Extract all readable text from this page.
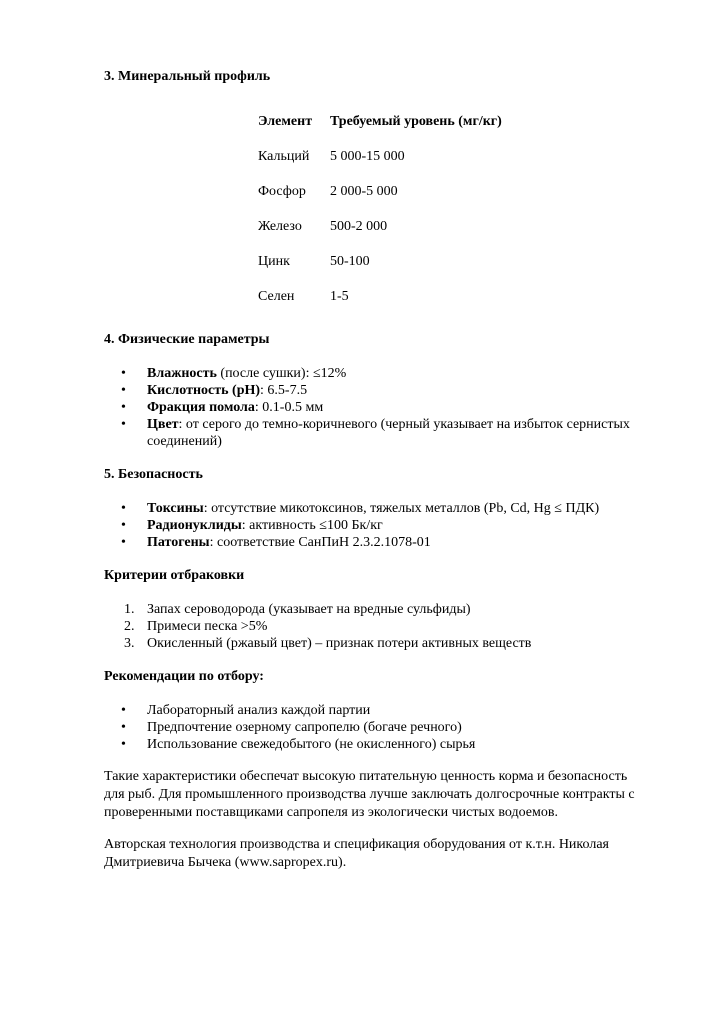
3. Минеральный профиль
Элемент Требуемый уровень (мг/кг)
Кальций 5 000-15 000
Фосфор 2 000-5 000
Железо 500-2 000
Цинк	50-100
Селен	1-5
4. Физические параметры
• Влажность (после сушки): ≤12%
• Кислотность (pH): 6.5-7.5
• Фракция помола: 0.1-0.5 мм
• Цвет: от серого до темно-коричневого (черный указывает на избыток сернистых соединений)
5. Безопасность
• Токсины: отсутствие микотоксинов, тяжелых металлов (Pb, Cd, Hg ≤ ПДК)
• Радионуклиды: активность ≤100 Бк/кг
• Патогены: соответствие СанПиН 2.3.2.1078-01
Критерии отбраковки
1. Запах сероводорода (указывает на вредные сульфиды)
2. Примеси песка >5%
3. Окисленный (ржавый цвет) – признак потери активных веществ
Рекомендации по отбору:
• Лабораторный анализ каждой партии
• Предпочтение озерному сапропелю (богаче речного)
• Использование свежедобытого (не окисленного) сырья
Такие характеристики обеспечат высокую питательную ценность корма и безопасность для рыб. Для промышленного производства лучше заключать долгосрочные контракты с проверенными поставщиками сапропеля из экологически чистых водоемов.
Авторская технология производства и спецификация оборудования от к.т.н. Николая Дмитриевича Бычека (www.sapropex.ru).
